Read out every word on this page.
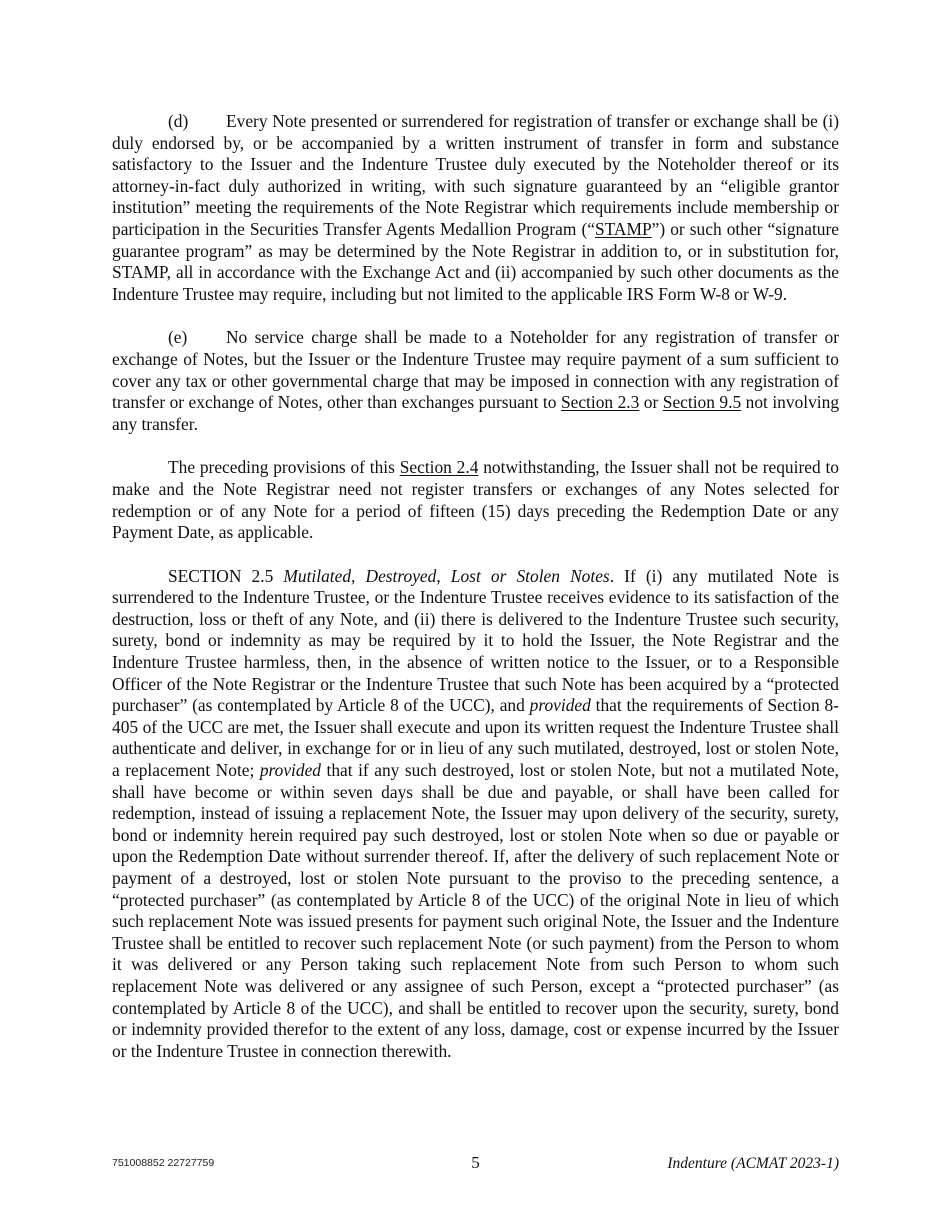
(d) Every Note presented or surrendered for registration of transfer or exchange shall be (i) duly endorsed by, or be accompanied by a written instrument of transfer in form and substance satisfactory to the Issuer and the Indenture Trustee duly executed by the Noteholder thereof or its attorney-in-fact duly authorized in writing, with such signature guaranteed by an “eligible grantor institution” meeting the requirements of the Note Registrar which requirements include membership or participation in the Securities Transfer Agents Medallion Program (“STAMP”) or such other “signature guarantee program” as may be determined by the Note Registrar in addition to, or in substitution for, STAMP, all in accordance with the Exchange Act and (ii) accompanied by such other documents as the Indenture Trustee may require, including but not limited to the applicable IRS Form W-8 or W-9.

(e) No service charge shall be made to a Noteholder for any registration of transfer or exchange of Notes, but the Issuer or the Indenture Trustee may require payment of a sum sufficient to cover any tax or other governmental charge that may be imposed in connection with any registration of transfer or exchange of Notes, other than exchanges pursuant to Section 2.3 or Section 9.5 not involving any transfer.

The preceding provisions of this Section 2.4 notwithstanding, the Issuer shall not be required to make and the Note Registrar need not register transfers or exchanges of any Notes selected for redemption or of any Note for a period of fifteen (15) days preceding the Redemption Date or any Payment Date, as applicable.

SECTION 2.5 Mutilated, Destroyed, Lost or Stolen Notes. If (i) any mutilated Note is surrendered to the Indenture Trustee, or the Indenture Trustee receives evidence to its satisfaction of the destruction, loss or theft of any Note, and (ii) there is delivered to the Indenture Trustee such security, surety, bond or indemnity as may be required by it to hold the Issuer, the Note Registrar and the Indenture Trustee harmless, then, in the absence of written notice to the Issuer, or to a Responsible Officer of the Note Registrar or the Indenture Trustee that such Note has been acquired by a “protected purchaser” (as contemplated by Article 8 of the UCC), and provided that the requirements of Section 8-405 of the UCC are met, the Issuer shall execute and upon its written request the Indenture Trustee shall authenticate and deliver, in exchange for or in lieu of any such mutilated, destroyed, lost or stolen Note, a replacement Note; provided that if any such destroyed, lost or stolen Note, but not a mutilated Note, shall have become or within seven days shall be due and payable, or shall have been called for redemption, instead of issuing a replacement Note, the Issuer may upon delivery of the security, surety, bond or indemnity herein required pay such destroyed, lost or stolen Note when so due or payable or upon the Redemption Date without surrender thereof. If, after the delivery of such replacement Note or payment of a destroyed, lost or stolen Note pursuant to the proviso to the preceding sentence, a “protected purchaser” (as contemplated by Article 8 of the UCC) of the original Note in lieu of which such replacement Note was issued presents for payment such original Note, the Issuer and the Indenture Trustee shall be entitled to recover such replacement Note (or such payment) from the Person to whom it was delivered or any Person taking such replacement Note from such Person to whom such replacement Note was delivered or any assignee of such Person, except a “protected purchaser” (as contemplated by Article 8 of the UCC), and shall be entitled to recover upon the security, surety, bond or indemnity provided therefor to the extent of any loss, damage, cost or expense incurred by the Issuer or the Indenture Trustee in connection therewith.

751008852 22727759	5	Indenture (ACMAT 2023-1)
